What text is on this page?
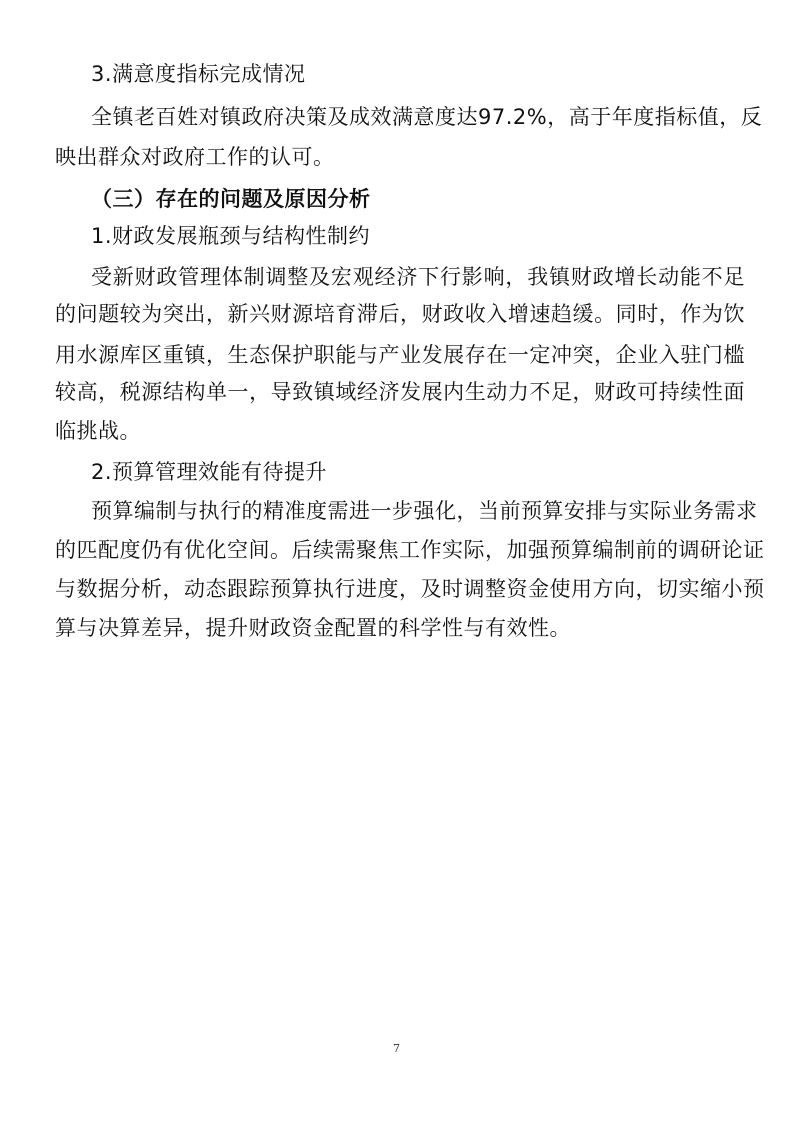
3.满意度指标完成情况
全镇老百姓对镇政府决策及成效满意度达97.2%，高于年度指标值，反
映出群众对政府工作的认可。
（三）存在的问题及原因分析
1.财政发展瓶颈与结构性制约
受新财政管理体制调整及宏观经济下行影响，我镇财政增长动能不足
的问题较为突出，新兴财源培育滞后，财政收入增速趋缓。同时，作为饮
用水源库区重镇，生态保护职能与产业发展存在一定冲突，企业入驻门槛
较高，税源结构单一，导致镇域经济发展内生动力不足，财政可持续性面
临挑战。
2.预算管理效能有待提升
预算编制与执行的精准度需进一步强化，当前预算安排与实际业务需求
的匹配度仍有优化空间。后续需聚焦工作实际，加强预算编制前的调研论证
与数据分析，动态跟踪预算执行进度，及时调整资金使用方向，切实缩小预
算与决算差异，提升财政资金配置的科学性与有效性。
7
